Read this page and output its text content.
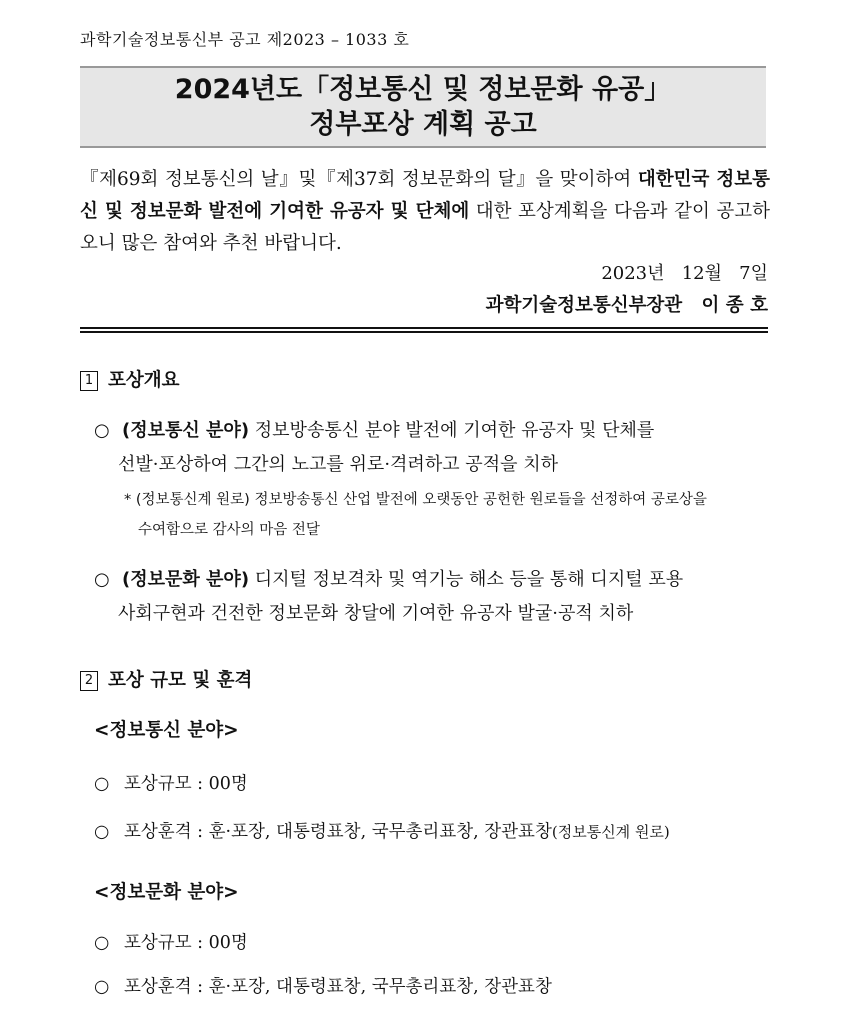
과학기술정보통신부 공고 제2023 – 1033 호
2024년도「정보통신 및 정보문화 유공」
정부포상 계획 공고
『제69회 정보통신의 날』및『제37회 정보문화의 달』을 맞이하여 대한민국 정보통신 및 정보문화 발전에 기여한 유공자 및 단체에 대한 포상계획을 다음과 같이 공고하오니 많은 참여와 추천 바랍니다.
2023년   12월   7일
과학기술정보통신부장관   이 종 호
1 포상개요
○ (정보통신 분야) 정보방송통신 분야 발전에 기여한 유공자 및 단체를
선발·포상하여 그간의 노고를 위로·격려하고 공적을 치하
* (정보통신계 원로) 정보방송통신 산업 발전에 오랫동안 공헌한 원로들을 선정하여 공로상을
수여함으로 감사의 마음 전달
○ (정보문화 분야) 디지털 정보격차 및 역기능 해소 등을 통해 디지털 포용
사회구현과 건전한 정보문화 창달에 기여한 유공자 발굴·공적 치하
2 포상 규모 및 훈격
<정보통신 분야>
○ 포상규모 : 00명
○ 포상훈격 : 훈·포장, 대통령표창, 국무총리표창, 장관표창(정보통신계 원로)
<정보문화 분야>
○ 포상규모 : 00명
○ 포상훈격 : 훈·포장, 대통령표창, 국무총리표창, 장관표창
